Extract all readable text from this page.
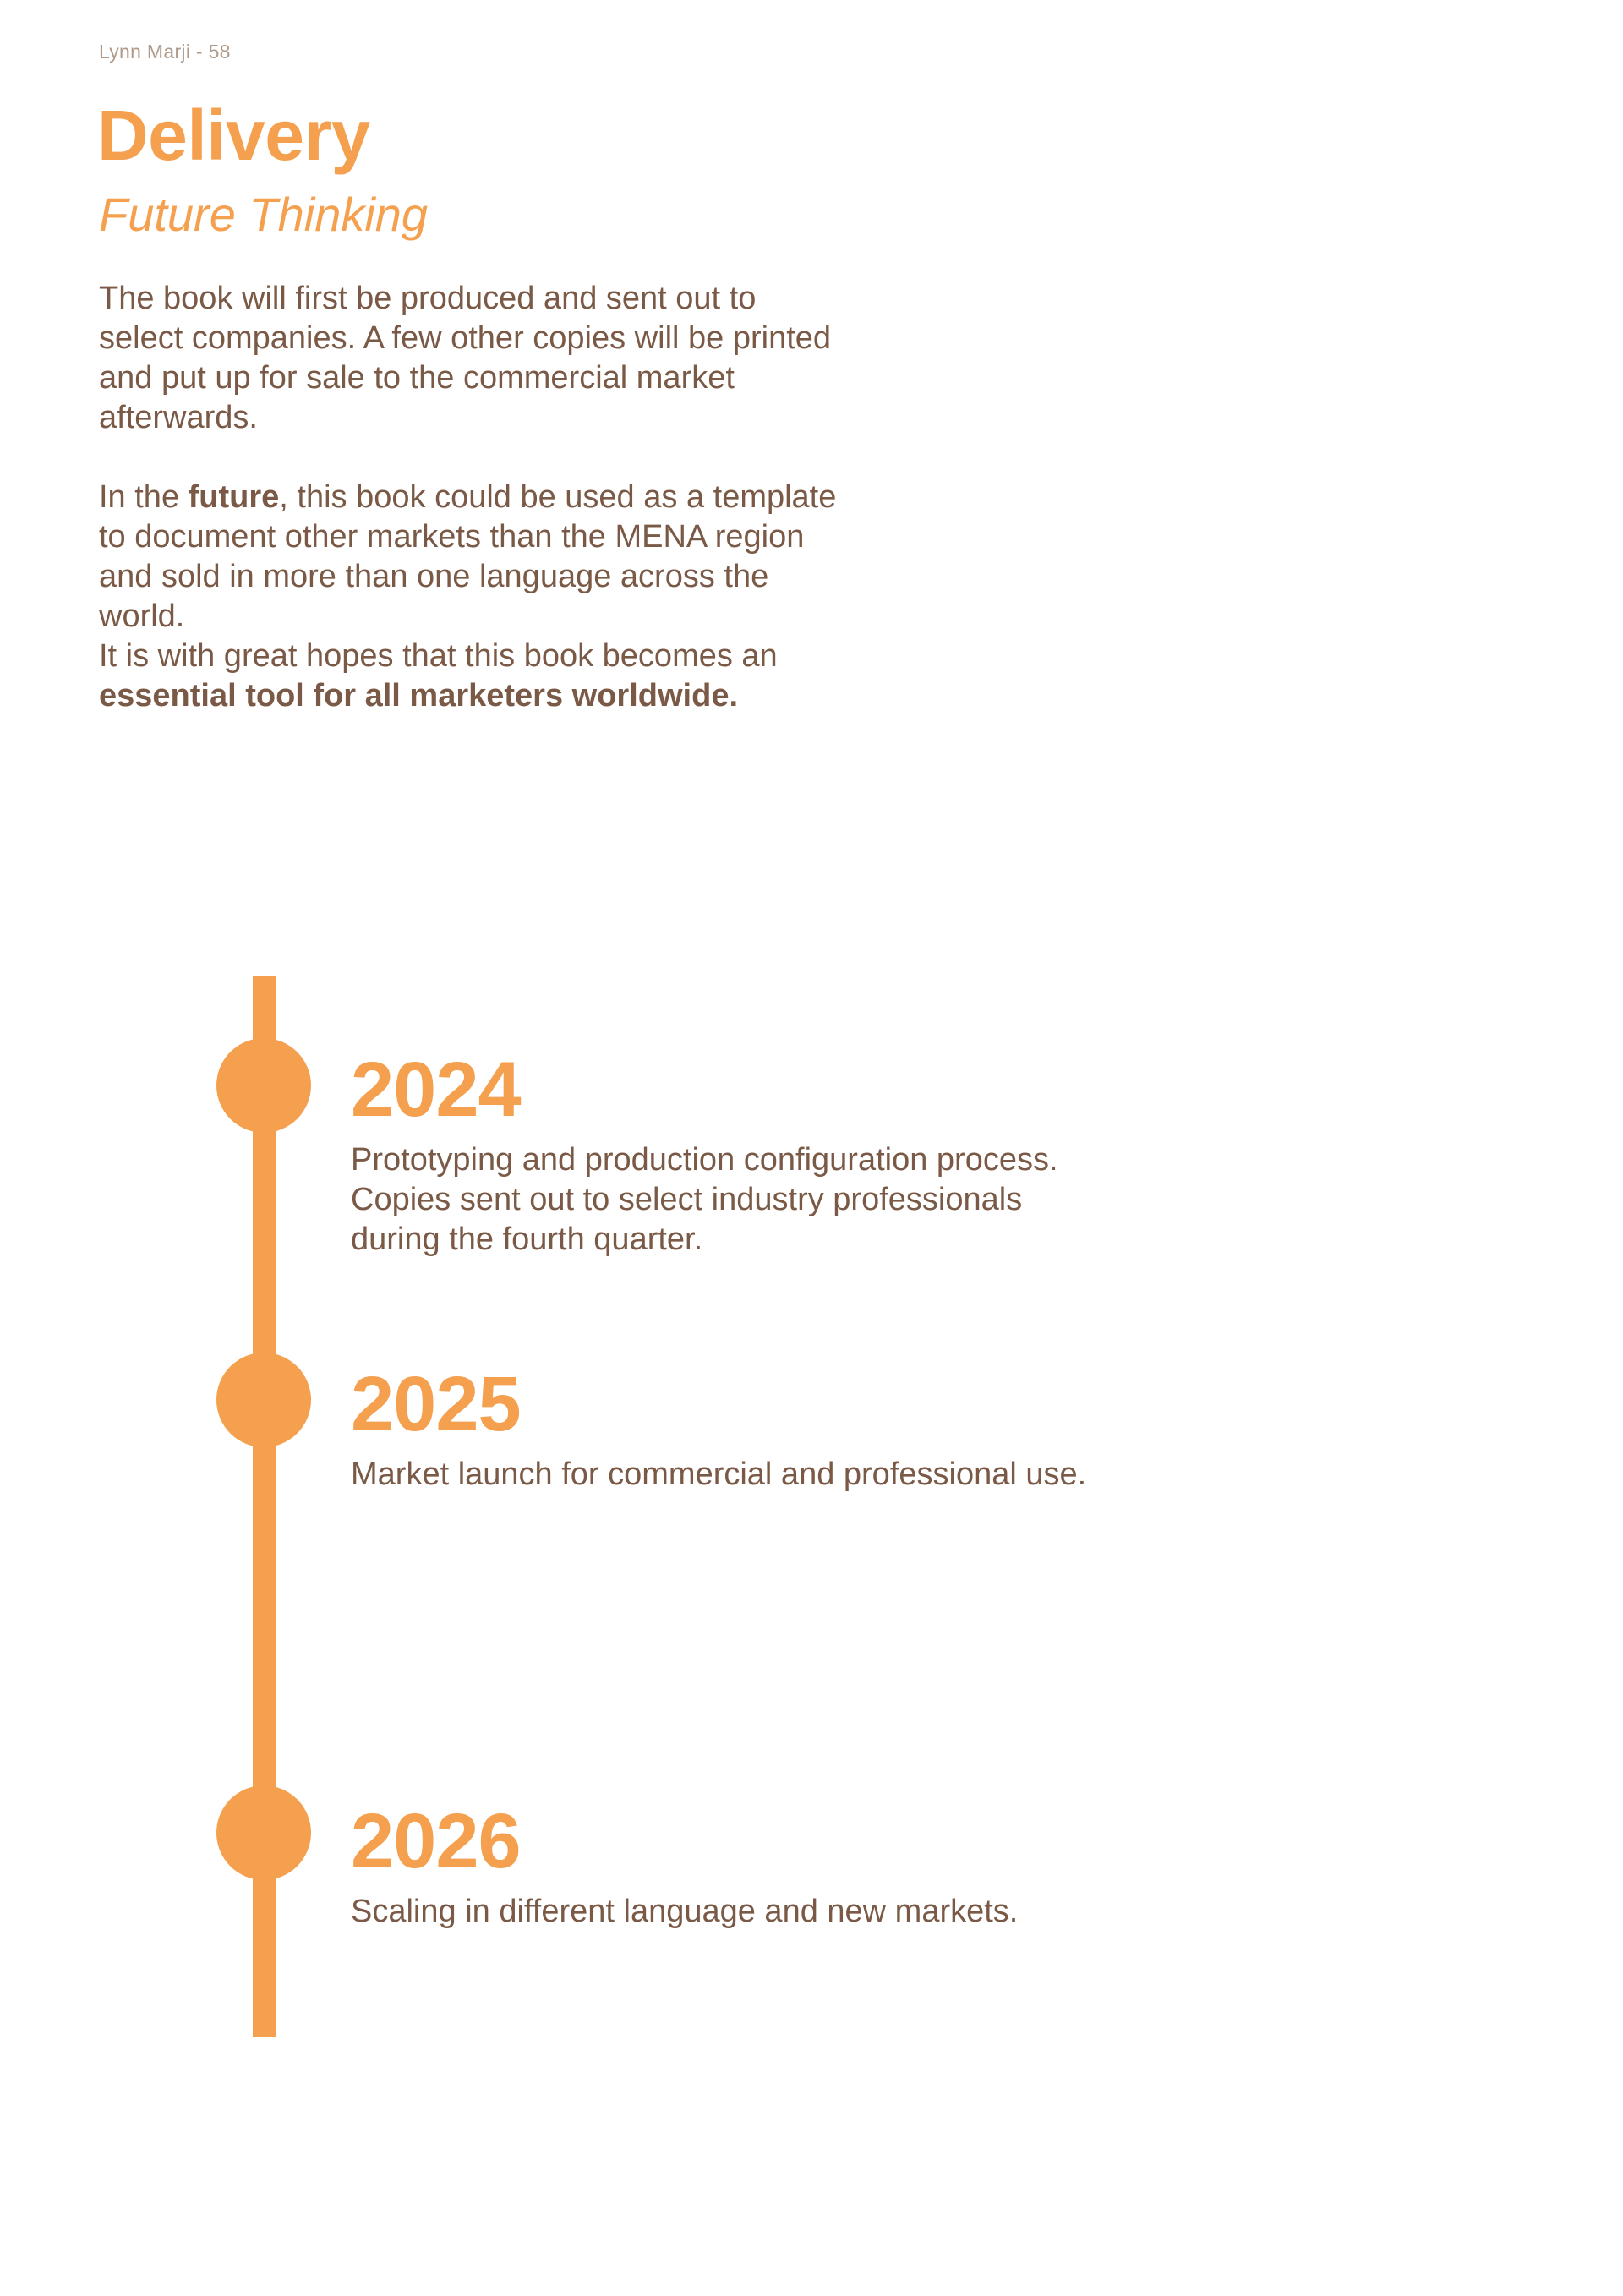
Lynn Marji - 58
Delivery
Future Thinking

The book will first be produced and sent out to select companies. A few other copies will be printed and put up for sale to the commercial market afterwards.

In the future, this book could be used as a template to document other markets than the MENA region and sold in more than one language across the world.
It is with great hopes that this book becomes an essential tool for all marketers worldwide.

2024

Prototyping and production configuration process. Copies sent out to select industry professionals during the fourth quarter.

2025

Market launch for commercial and professional use.

2026

Scaling in different language and new markets.
